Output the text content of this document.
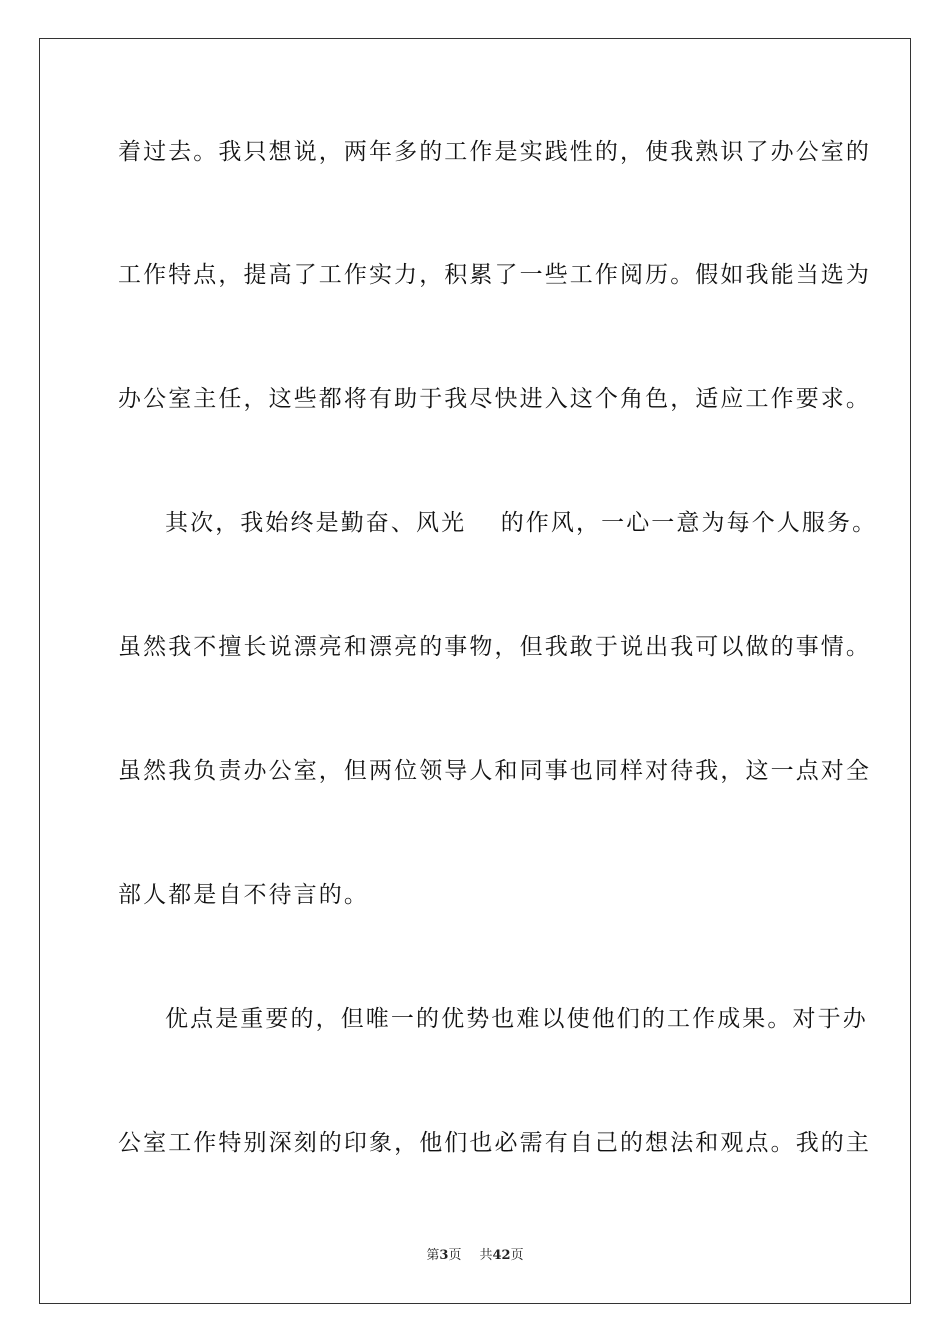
着过去。我只想说，两年多的工作是实践性的，使我熟识了办公室的
工作特点，提高了工作实力，积累了一些工作阅历。假如我能当选为
办公室主任，这些都将有助于我尽快进入这个角色，适应工作要求。
其次，我始终是勤奋、风光　 的作风，一心一意为每个人服务。
虽然我不擅长说漂亮和漂亮的事物，但我敢于说出我可以做的事情。
虽然我负责办公室，但两位领导人和同事也同样对待我，这一点对全
部人都是自不待言的。
优点是重要的，但唯一的优势也难以使他们的工作成果。对于办
公室工作特别深刻的印象，他们也必需有自己的想法和观点。我的主
第3页 共42页
